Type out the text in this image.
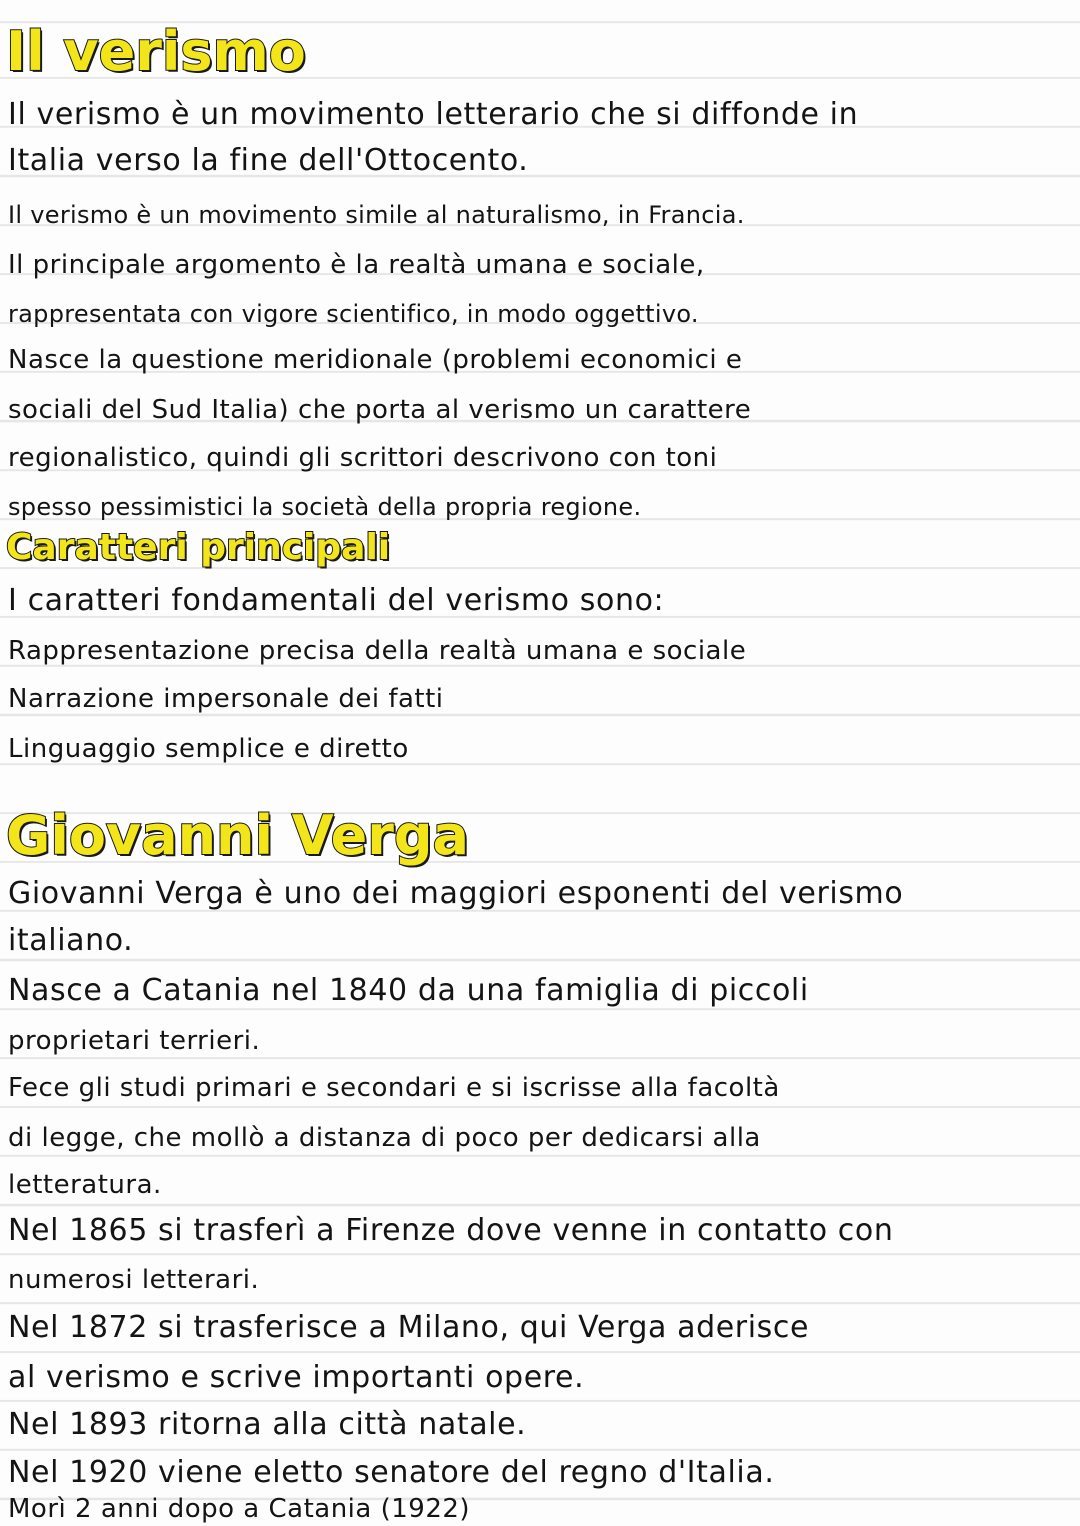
Il verismo

Il verismo è un movimento letterario che si diffonde in

Italia verso la fine dell'Ottocento.

Il verismo è un movimento simile al naturalismo, in Francia.

Il principale argomento è la realtà umana e sociale,

rappresentata con vigore scientifico, in modo oggettivo.

Nasce la questione meridionale (problemi economici e

sociali del Sud Italia) che porta al verismo un carattere

regionalistico, quindi gli scrittori descrivono con toni

spesso pessimistici la società della propria regione.

Caratteri principali

I caratteri fondamentali del verismo sono:

Rappresentazione precisa della realtà umana e sociale

Narrazione impersonale dei fatti

Linguaggio semplice e diretto

Giovanni Verga

Giovanni Verga è uno dei maggiori esponenti del verismo

italiano.

Nasce a Catania nel 1840 da una famiglia di piccoli

proprietari terrieri.

Fece gli studi primari e secondari e si iscrisse alla facoltà

di legge, che mollò a distanza di poco per dedicarsi alla

letteratura.

Nel 1865 si trasferì a Firenze dove venne in contatto con

numerosi letterari.

Nel 1872 si trasferisce a Milano, qui Verga aderisce

al verismo e scrive importanti opere.

Nel 1893 ritorna alla città natale.

Nel 1920 viene eletto senatore del regno d'Italia.

Morì 2 anni dopo a Catania (1922)
